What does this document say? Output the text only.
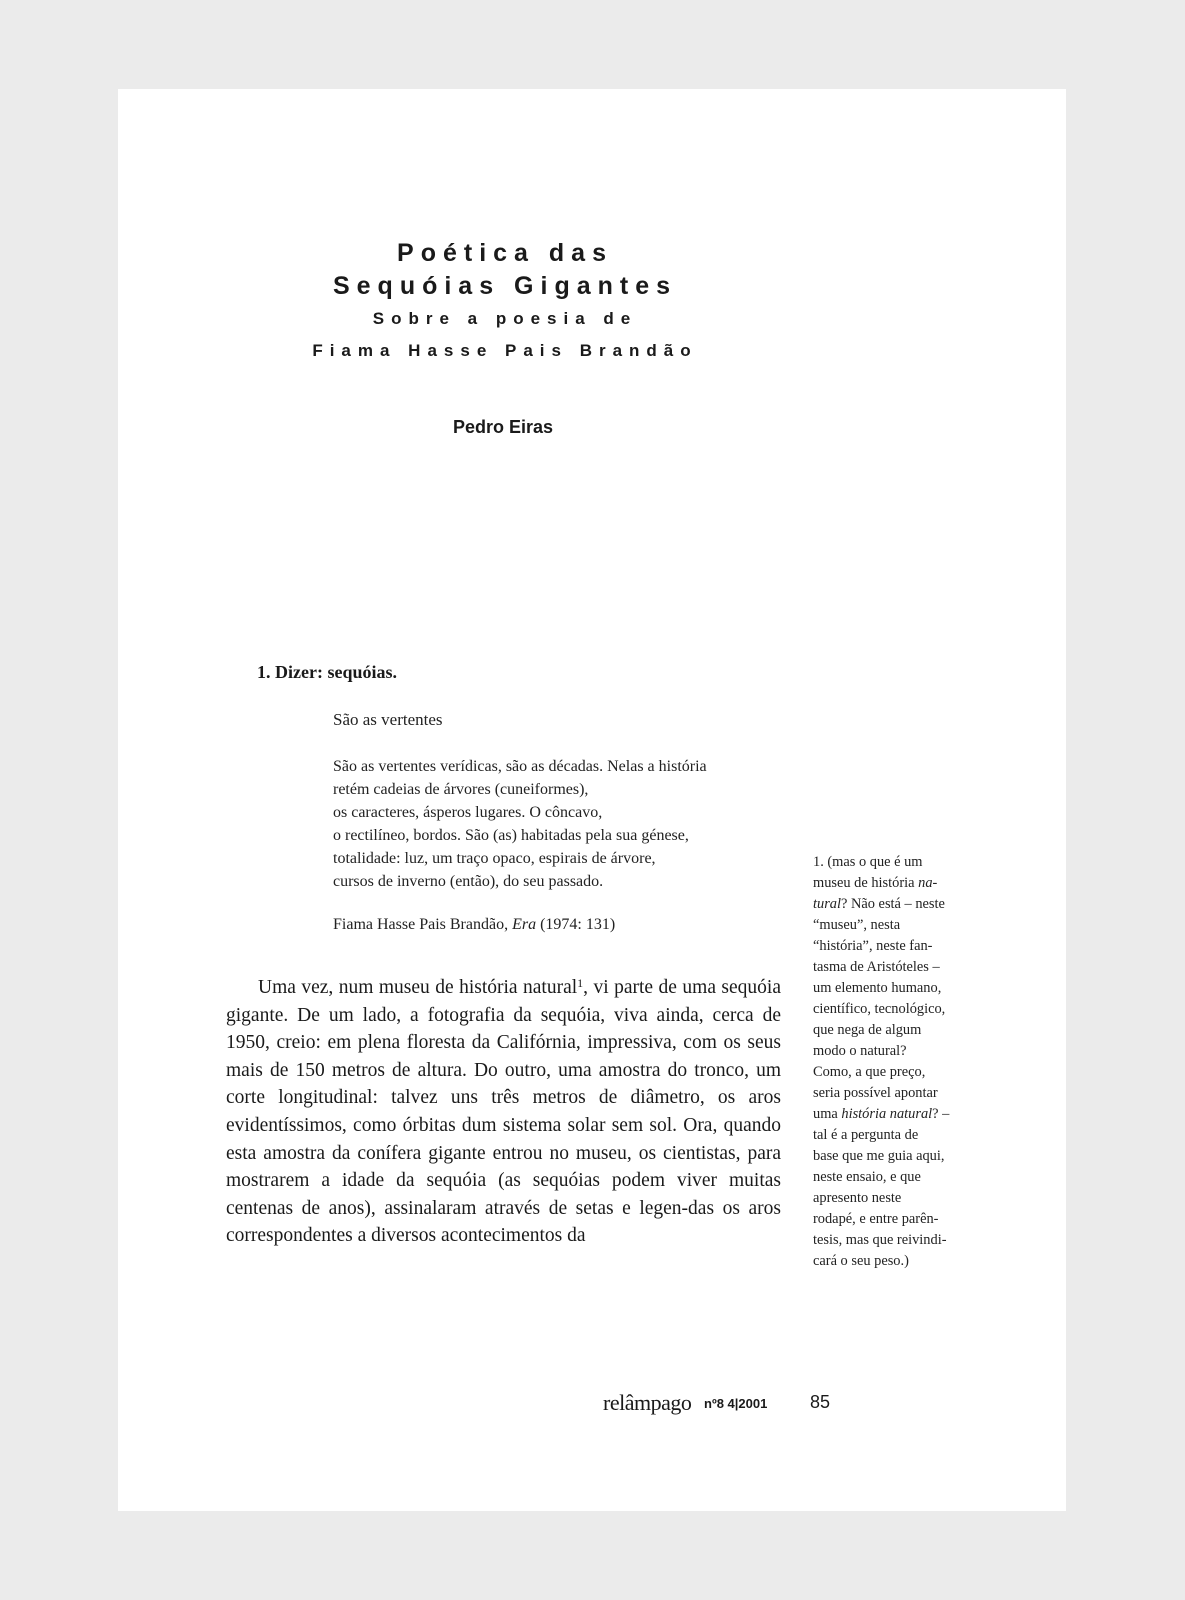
Poética das
Sequóias Gigantes
Sobre a poesia de
Fiama Hasse Pais Brandão
Pedro Eiras
1. Dizer: sequóias.
São as vertentes
São as vertentes verídicas, são as décadas. Nelas a história
retém cadeias de árvores (cuneiformes),
os caracteres, ásperos lugares. O côncavo,
o rectilíneo, bordos. São (as) habitadas pela sua génese,
totalidade: luz, um traço opaco, espirais de árvore,
cursos de inverno (então), do seu passado.
Fiama Hasse Pais Brandão, Era (1974: 131)

Uma vez, num museu de história natural$^1$, vi parte de uma sequóia gigante. De um lado, a fotografia da sequóia, viva ainda, cerca de 1950, creio: em plena floresta da Califórnia, impressiva, com os seus mais de 150 metros de altura. Do outro, uma amostra do tronco, um corte longitudinal: talvez uns três metros de diâmetro, os aros evidentíssimos, como órbitas dum sistema solar sem sol. Ora, quando esta amostra da conífera gigante entrou no museu, os cientistas, para mostrarem a idade da sequóia (as sequóias podem viver muitas centenas de anos), assinalaram através de setas e legen-das os aros correspondentes a diversos acontecimentos da

1. (mas o que é um
museu de história na-
tural? Não está – neste
“museu”, nesta
“história”, neste fan-
tasma de Aristóteles –
um elemento humano,
científico, tecnológico,
que nega de algum
modo o natural?
Como, a que preço,
seria possível apontar
uma história natural? –
tal é a pergunta de
base que me guia aqui,
neste ensaio, e que
apresento neste
rodapé, e entre parên-
tesis, mas que reivindi-
cará o seu peso.)
relâmpago nº8 4|2001 85
